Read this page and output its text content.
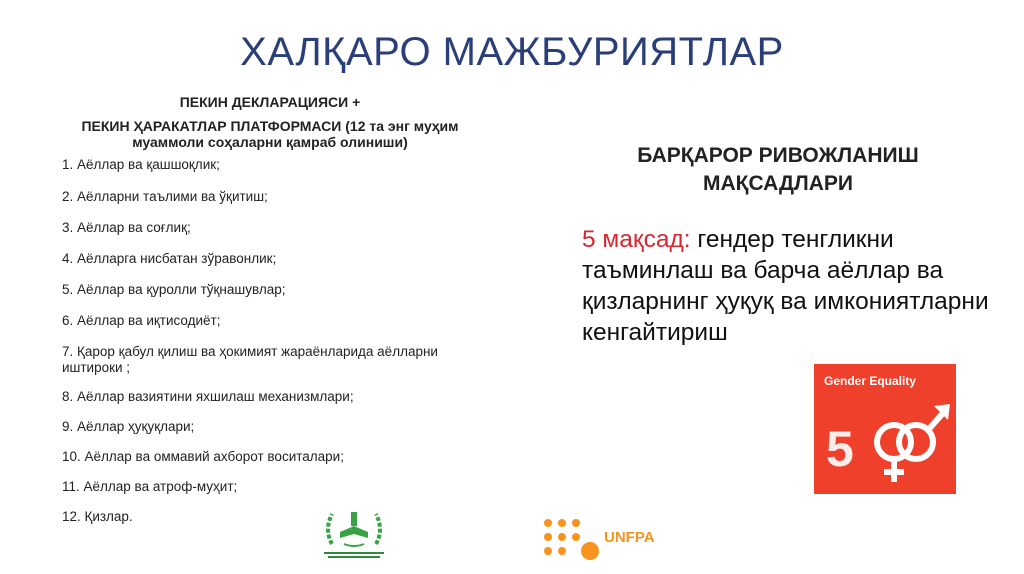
ХАЛҚАРО МАЖБУРИЯТЛАР
ПЕКИН ДЕКЛАРАЦИЯСИ +
ПЕКИН ҲАРАКАТЛАР ПЛАТФОРМАСИ (12 та энг муҳим
муаммоли соҳаларни қамраб олиниши)
1. Аёллар ва қашшоқлик;
2. Аёлларни таълими ва ўқитиш;
3. Аёллар ва соғлиқ;
4. Аёлларга нисбатан зўравонлик;
5. Аёллар ва қуролли тўқнашувлар;
6. Аёллар ва иқтисодиёт;
7. Қарор қабул қилиш ва ҳокимият жараёнларида аёлларни иштироки ;
8. Аёллар вазиятини яхшилаш механизмлари;
9. Аёллар ҳуқуқлари;
10. Аёллар ва оммавий ахборот воситалари;
11. Аёллар ва атроф-муҳит;
12. Қизлар.
БАРҚАРОР РИВОЖЛАНИШ
МАҚСАДЛАРИ
5 мақсад: гендер тенгликни таъминлаш ва барча аёллар ва қизларнинг ҳуқуқ ва имкониятларни кенгайтириш
Gender Equality
5
UNFPA
